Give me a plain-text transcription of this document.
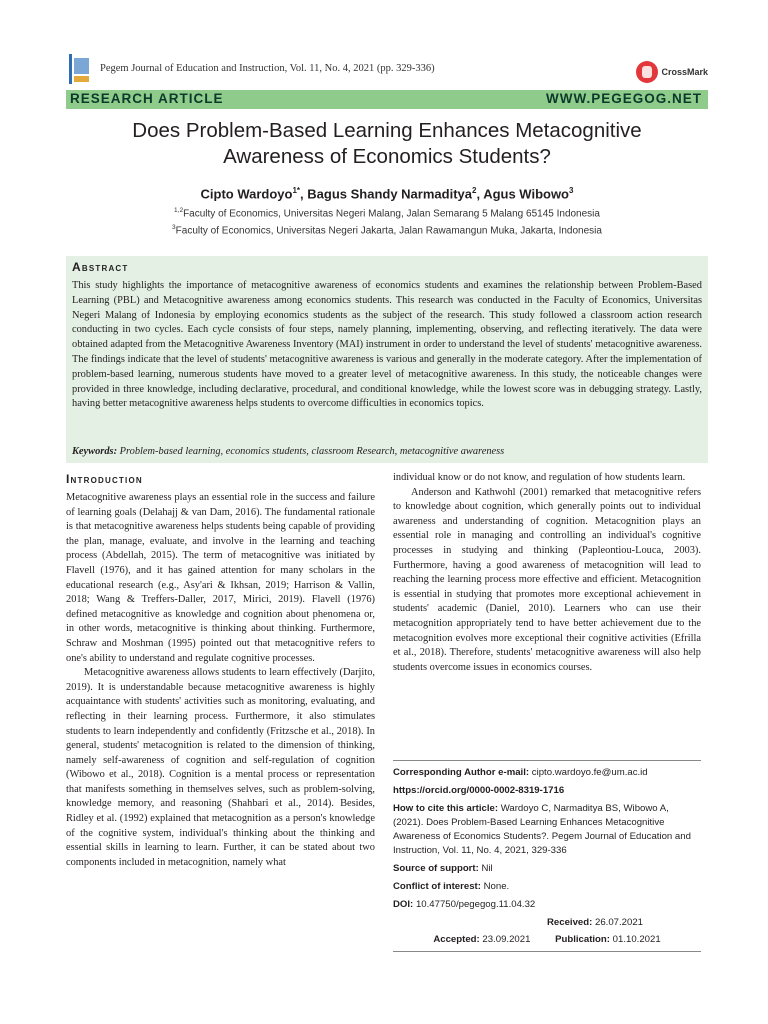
Pegem Journal of Education and Instruction, Vol. 11, No. 4, 2021 (pp. 329-336)	CrossMark
RESEARCH ARTICLE	WWW.PEGEGOG.NET
Does Problem-Based Learning Enhances Metacognitive
Awareness of Economics Students?
Cipto Wardoyo$^{1*}$, Bagus Shandy Narmaditya$^2$, Agus Wibowo$^3$
$^{1,2}$Faculty of Economics, Universitas Negeri Malang, Jalan Semarang 5 Malang 65145 Indonesia
$^3$Faculty of Economics, Universitas Negeri Jakarta, Jalan Rawamangun Muka, Jakarta, Indonesia
Abstract
This study highlights the importance of metacognitive awareness of economics students and examines the relationship between Problem-Based Learning (PBL) and Metacognitive awareness among economics students. This research was conducted in the Faculty of Economics, Universitas Negeri Malang of Indonesia by employing economics students as the subject of the research. This study followed a classroom action research conducting in two cycles. Each cycle consists of four steps, namely planning, implementing, observing, and reflecting iteratively. The data were obtained adapted from the Metacognitive Awareness Inventory (MAI) instrument in order to understand the level of students' metacognitive awareness. The findings indicate that the level of students' metacognitive awareness is various and generally in the moderate category. After the implementation of problem-based learning, numerous students have moved to a greater level of metacognitive awareness. In this study, the noticeable changes were provided in three knowledge, including declarative, procedural, and conditional knowledge, while the lowest score was in debugging strategy. Lastly, having better metacognitive awareness helps students to overcome difficulties in economics topics.
Keywords: Problem-based learning, economics students, classroom Research, metacognitive awareness
Introduction

Metacognitive awareness plays an essential role in the success and failure of learning goals (Delahajj & van Dam, 2016). The fundamental rationale is that metacognitive awareness helps students being capable of providing the plan, manage, evaluate, and involve in the learning and teaching process (Abdellah, 2015). The term of metacognitive was initiated by Flavell (1976), and it has gained attention for many scholars in the educational research (e.g., Asy'ari & Ikhsan, 2019; Harrison & Vallin, 2018; Wang & Treffers-Daller, 2017, Mirici, 2019). Flavell (1976) defined metacognitive as knowledge and cognition about phenomena or, in other words, metacognitive is thinking about thinking. Furthermore, Schraw and Moshman (1995) pointed out that metacognitive refers to one's ability to understand and regulate cognitive processes.

Metacognitive awareness allows students to learn effectively (Darjito, 2019). It is understandable because metacognitive awareness is highly acquaintance with students' activities such as monitoring, evaluating, and reflecting in their learning process. Furthermore, it also stimulates students to learn independently and confidently (Fritzsche et al., 2018). In general, students' metacognition is related to the dimension of thinking, namely self-awareness of cognition and self-regulation of cognition (Wibowo et al., 2018). Cognition is a mental process or representation that manifests something in themselves selves, such as problem-solving, knowledge memory, and reasoning (Shahbari et al., 2014). Besides, Ridley et al. (1992) explained that metacognition as a person's knowledge of the cognitive system, individual's thinking about the thinking and essential skills in learning to learn. Further, it can be stated about two components included in metacognition, namely what

individual know or do not know, and regulation of how students learn.

Anderson and Kathwohl (2001) remarked that metacognitive refers to knowledge about cognition, which generally points out to individual awareness and understanding of cognition. Metacognition plays an essential role in managing and controlling an individual's cognitive processes in studying and thinking (Papleontiou-Louca, 2003). Furthermore, having a good awareness of metacognition will lead to reaching the learning process more effective and efficient. Metacognition is essential in studying that promotes more exceptional achievement in students' academic (Daniel, 2010). Learners who can use their metacognition appropriately tend to have better achievement due to the metacognition evolves more exceptional their cognitive activities (Efrilla et al., 2018). Therefore, students' metacognitive awareness will also help students overcome issues in economics courses.

Corresponding Author e-mail: cipto.wardoyo.fe@um.ac.id
https://orcid.org/0000-0002-8319-1716
How to cite this article: Wardoyo C, Narmaditya BS, Wibowo A, (2021). Does Problem-Based Learning Enhances Metacognitive Awareness of Economics Students?. Pegem Journal of Education and Instruction, Vol. 11, No. 4, 2021, 329-336
Source of support: Nil
Conflict of interest: None.
DOI: 10.47750/pegegog.11.04.32
Received: 26.07.2021
Accepted: 23.09.2021	Publication: 01.10.2021
